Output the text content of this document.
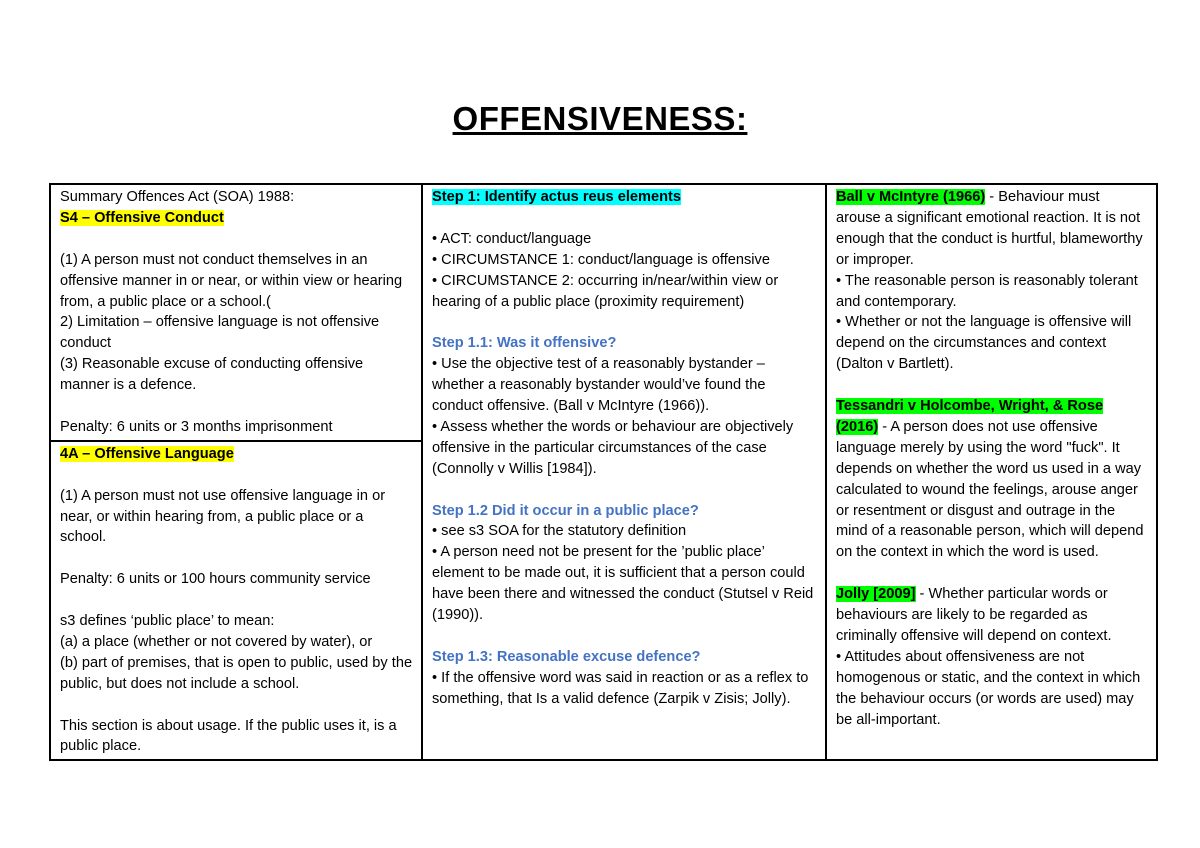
OFFENSIVENESS:

Summary Offences Act (SOA) 1988:

S4 – Offensive Conduct

(1) A person must not conduct themselves in an offensive manner in or near, or within view or hearing from, a public place or a school.(

2) Limitation – offensive language is not offensive conduct

(3) Reasonable excuse of conducting offensive manner is a defence.

Penalty: 6 units or 3 months imprisonment

Step 1: Identify actus reus elements

• ACT: conduct/language

• CIRCUMSTANCE 1: conduct/language is offensive

• CIRCUMSTANCE 2: occurring in/near/within view or hearing of a public place (proximity requirement)

Step 1.1: Was it offensive?

• Use the objective test of a reasonably bystander – whether a reasonably bystander would’ve found the conduct offensive. (Ball v McIntyre (1966)).

• Assess whether the words or behaviour are objectively offensive in the particular circumstances of the case (Connolly v Willis [1984]).

Step 1.2 Did it occur in a public place?

• see s3 SOA for the statutory definition

• A person need not be present for the ’public place’ element to be made out, it is sufficient that a person could have been there and witnessed the conduct (Stutsel v Reid (1990)).

Step 1.3: Reasonable excuse defence?

• If the offensive word was said in reaction or as a reflex to something, that Is a valid defence (Zarpik v Zisis; Jolly).

Ball v McIntyre (1966) - Behaviour must arouse a significant emotional reaction. It is not enough that the conduct is hurtful, blameworthy or improper.

• The reasonable person is reasonably tolerant and contemporary.

• Whether or not the language is offensive will depend on the circumstances and context (Dalton v Bartlett).

Tessandri v Holcombe, Wright, & Rose (2016) - A person does not use offensive language merely by using the word "fuck". It depends on whether the word us used in a way calculated to wound the feelings, arouse anger or resentment or disgust and outrage in the mind of a reasonable person, which will depend on the context in which the word is used.

Jolly [2009] - Whether particular words or behaviours are likely to be regarded as criminally offensive will depend on context.

• Attitudes about offensiveness are not homogenous or static, and the context in which the behaviour occurs (or words are used) may be all-important.

4A – Offensive Language

(1) A person must not use offensive language in or near, or within hearing from, a public place or a school.

Penalty: 6 units or 100 hours community service

s3 defines ‘public place’ to mean:

(a) a place (whether or not covered by water), or

(b) part of premises, that is open to public, used by the public, but does not include a school.

This section is about usage. If the public uses it, is a public place.
